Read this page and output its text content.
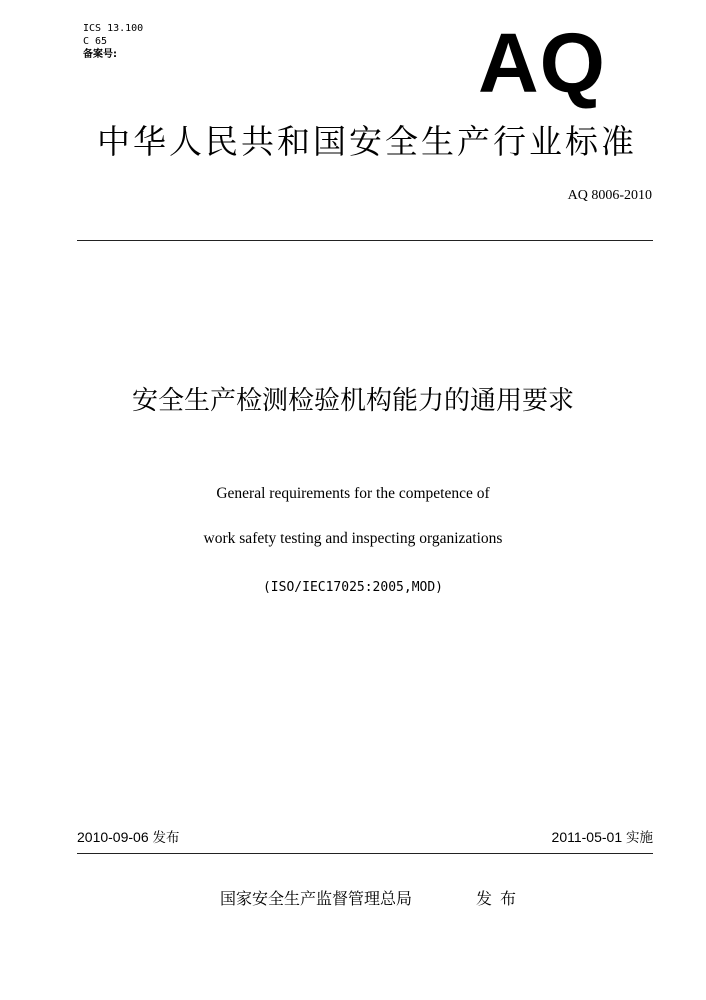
ICS 13.100
C 65
备案号:	AQ
中华人民共和国安全生产行业标准
AQ 8006-2010
安全生产检测检验机构能力的通用要求
General requirements for the competence of
work safety testing and inspecting organizations
(ISO/IEC17025:2005,MOD)
2010-09-06 发布	2011-05-01 实施
国家安全生产监督管理总局	发布
